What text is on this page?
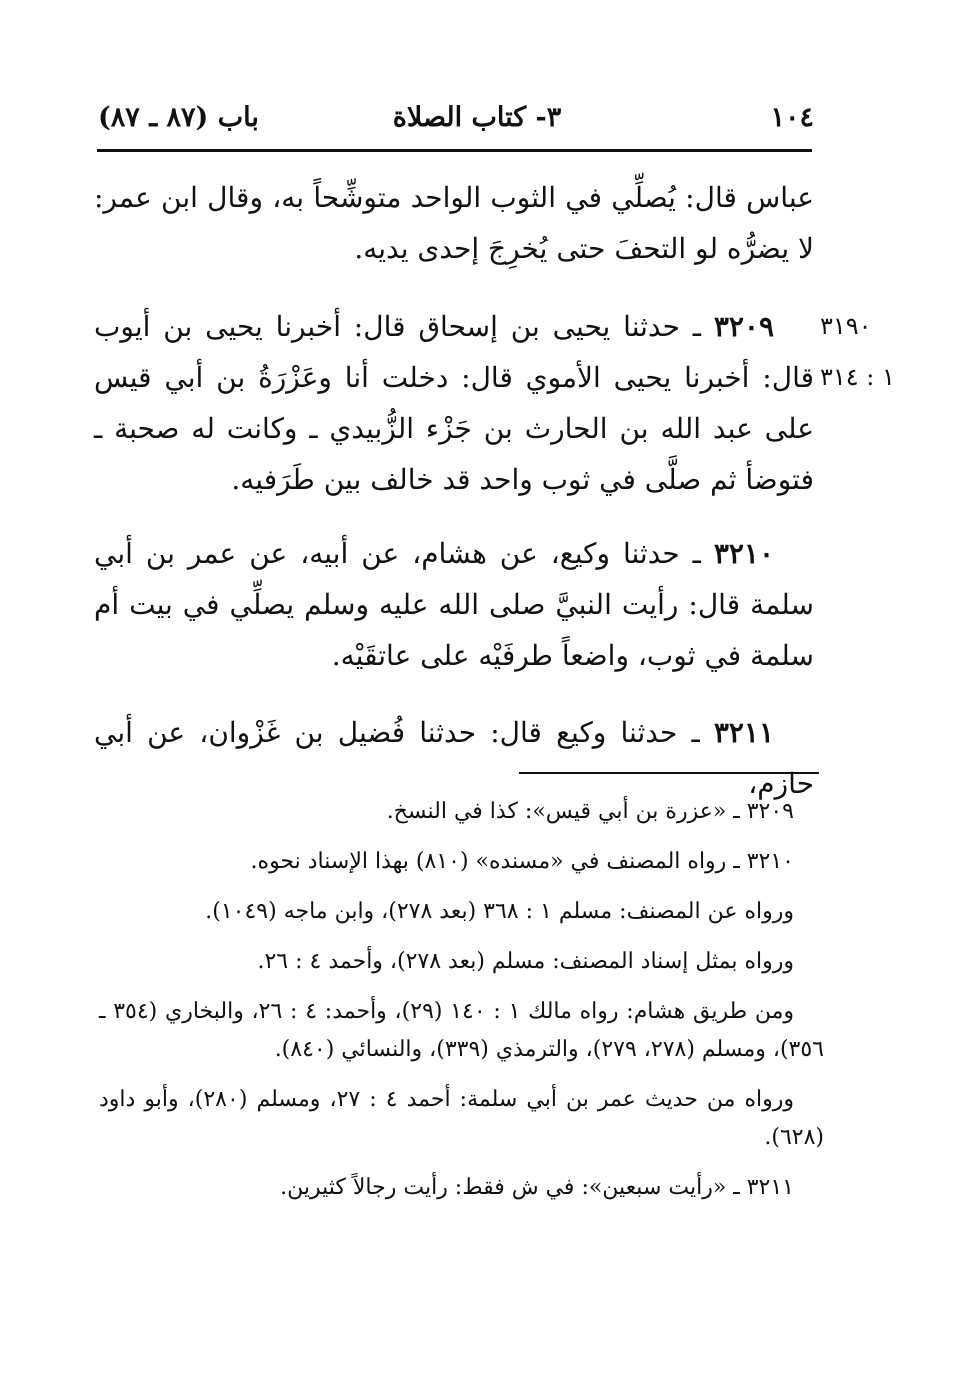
١٠٤
٣- كتاب الصلاة
باب (٨٧ ـ ٨٧)

عباس قال: يُصلِّي في الثوب الواحد متوشِّحاً به، وقال ابن عمر: لا يضرُّه لو التحفَ حتى يُخرِجَ إحدى يديه.

٣١٩٠
١ : ٣١٤

٣٢٠٩ ـ حدثنا يحيى بن إسحاق قال: أخبرنا يحيى بن أيوب قال: أخبرنا يحيى الأموي قال: دخلت أنا وعَزْرَةُ بن أبي قيس على عبد الله بن الحارث بن جَزْء الزُّبيدي ـ وكانت له صحبة ـ فتوضأ ثم صلَّى في ثوب واحد قد خالف بين طَرَفيه.

٣٢١٠ ـ حدثنا وكيع، عن هشام، عن أبيه، عن عمر بن أبي سلمة قال: رأيت النبيَّ صلى الله عليه وسلم يصلِّي في بيت أم سلمة في ثوب، واضعاً طرفَيْه على عاتقَيْه.

٣٢١١ ـ حدثنا وكيع قال: حدثنا فُضيل بن غَزْوان، عن أبي حازم،

٣٢٠٩ ـ «عزرة بن أبي قيس»: كذا في النسخ.

٣٢١٠ ـ رواه المصنف في «مسنده» (٨١٠) بهذا الإسناد نحوه.

ورواه عن المصنف: مسلم ١ : ٣٦٨ (بعد ٢٧٨)، وابن ماجه (١٠٤٩).

ورواه بمثل إسناد المصنف: مسلم (بعد ٢٧٨)، وأحمد ٤ : ٢٦.

ومن طريق هشام: رواه مالك ١ : ١٤٠ (٢٩)، وأحمد: ٤ : ٢٦، والبخاري (٣٥٤ ـ ٣٥٦)، ومسلم (٢٧٨، ٢٧٩)، والترمذي (٣٣٩)، والنسائي (٨٤٠).

ورواه من حديث عمر بن أبي سلمة: أحمد ٤ : ٢٧، ومسلم (٢٨٠)، وأبو داود (٦٢٨).

٣٢١١ ـ «رأيت سبعين»: في ش فقط: رأيت رجالاً كثيرين.
